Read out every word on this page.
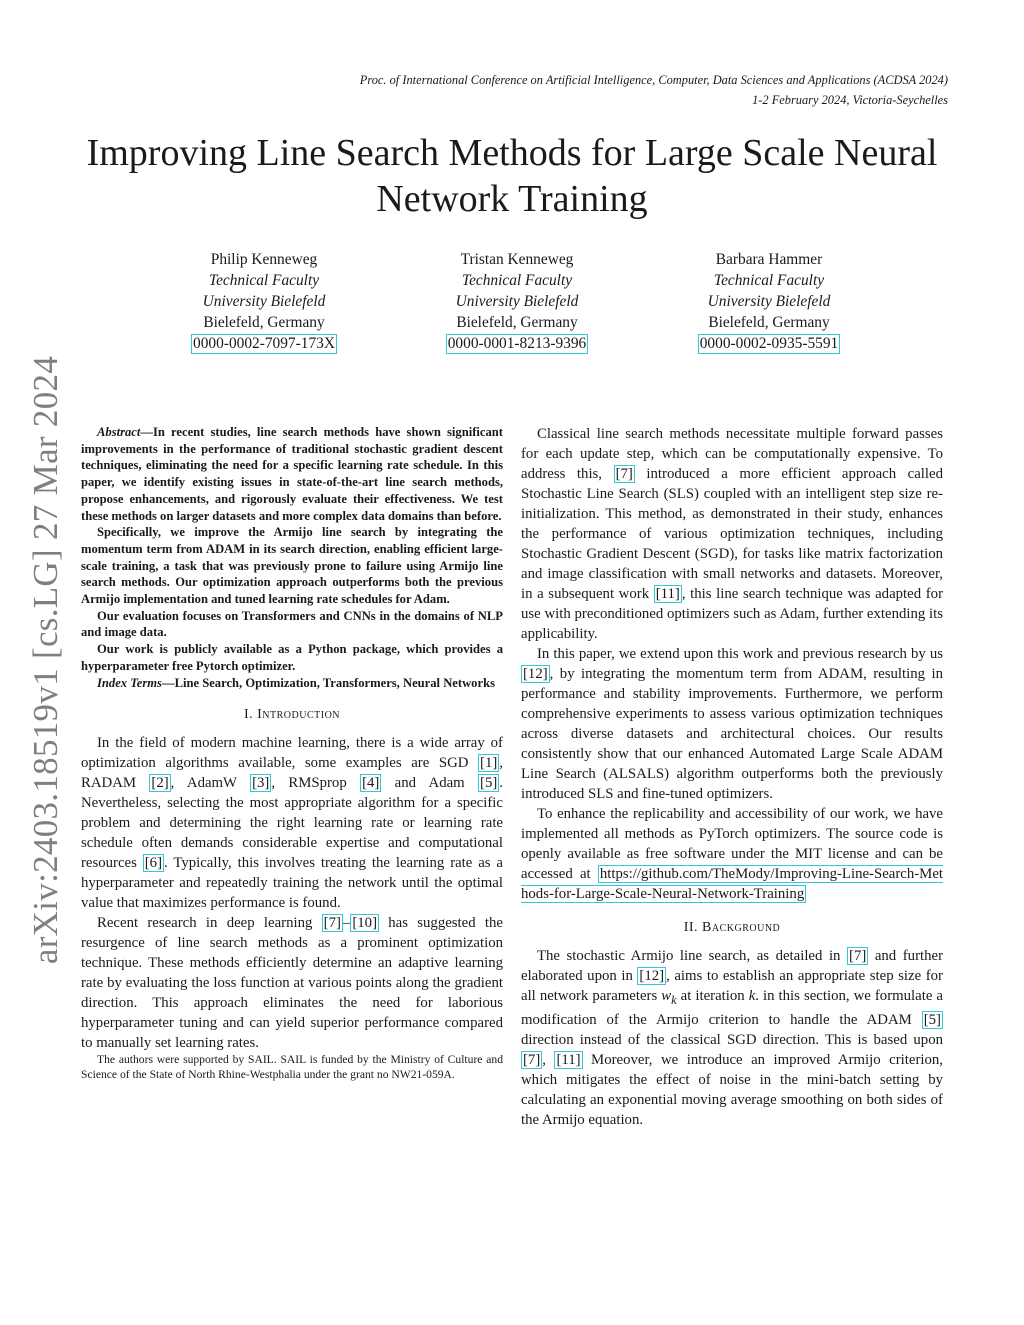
arXiv:2403.18519v1 [cs.LG] 27 Mar 2024
Proc. of International Conference on Artificial Intelligence, Computer, Data Sciences and Applications (ACDSA 2024)
1-2 February 2024, Victoria-Seychelles
Improving Line Search Methods for Large Scale Neural Network Training
Philip Kenneweg
Technical Faculty
University Bielefeld
Bielefeld, Germany
0000-0002-7097-173X
Tristan Kenneweg
Technical Faculty
University Bielefeld
Bielefeld, Germany
0000-0001-8213-9396
Barbara Hammer
Technical Faculty
University Bielefeld
Bielefeld, Germany
0000-0002-0935-5591

Abstract—In recent studies, line search methods have shown significant improvements in the performance of traditional stochastic gradient descent techniques, eliminating the need for a specific learning rate schedule. In this paper, we identify existing issues in state-of-the-art line search methods, propose enhancements, and rigorously evaluate their effectiveness. We test these methods on larger datasets and more complex data domains than before.

Specifically, we improve the Armijo line search by integrating the momentum term from ADAM in its search direction, enabling efficient large-scale training, a task that was previously prone to failure using Armijo line search methods. Our optimization approach outperforms both the previous Armijo implementation and tuned learning rate schedules for Adam.

Our evaluation focuses on Transformers and CNNs in the domains of NLP and image data.

Our work is publicly available as a Python package, which provides a hyperparameter free Pytorch optimizer.

Index Terms—Line Search, Optimization, Transformers, Neural Networks

I. Introduction

In the field of modern machine learning, there is a wide array of optimization algorithms available, some examples are SGD [1] , RADAM [2] , AdamW [3] , RMSprop [4] and Adam [5] . Nevertheless, selecting the most appropriate algorithm for a specific problem and determining the right learning rate or learning rate schedule often demands considerable expertise and computational resources [6] . Typically, this involves treating the learning rate as a hyperparameter and repeatedly training the network until the optimal value that maximizes performance is found.

Recent research in deep learning [7] – [10] has suggested the resurgence of line search methods as a prominent optimization technique. These methods efficiently determine an adaptive learning rate by evaluating the loss function at various points along the gradient direction. This approach eliminates the need for laborious hyperparameter tuning and can yield superior performance compared to manually set learning rates.

The authors were supported by SAIL. SAIL is funded by the Ministry of Culture and Science of the State of North Rhine-Westphalia under the grant no NW21-059A.

Classical line search methods necessitate multiple forward passes for each update step, which can be computationally expensive. To address this, [7] introduced a more efficient approach called Stochastic Line Search (SLS) coupled with an intelligent step size re-initialization. This method, as demonstrated in their study, enhances the performance of various optimization techniques, including Stochastic Gradient Descent (SGD), for tasks like matrix factorization and image classification with small networks and datasets. Moreover, in a subsequent work [11] , this line search technique was adapted for use with preconditioned optimizers such as Adam, further extending its applicability.

In this paper, we extend upon this work and previous research by us [12] , by integrating the momentum term from ADAM, resulting in performance and stability improvements. Furthermore, we perform comprehensive experiments to assess various optimization techniques across diverse datasets and architectural choices. Our results consistently show that our enhanced Automated Large Scale ADAM Line Search (ALSALS) algorithm outperforms both the previously introduced SLS and fine-tuned optimizers.

To enhance the replicability and accessibility of our work, we have implemented all methods as PyTorch optimizers. The source code is openly available as free software under the MIT license and can be accessed at https://github.com/TheMody/Improving-Line-Search-Methods-for-Large-Scale-Neural-Network-Training

II. Background

The stochastic Armijo line search, as detailed in [7] and further elaborated upon in [12] , aims to establish an appropriate step size for all network parameters $w_k$ at iteration k. in this section, we formulate a modification of the Armijo criterion to handle the ADAM [5] direction instead of the classical SGD direction. This is based upon [7] , [11] Moreover, we introduce an improved Armijo criterion, which mitigates the effect of noise in the mini-batch setting by calculating an exponential moving average smoothing on both sides of the Armijo equation.
